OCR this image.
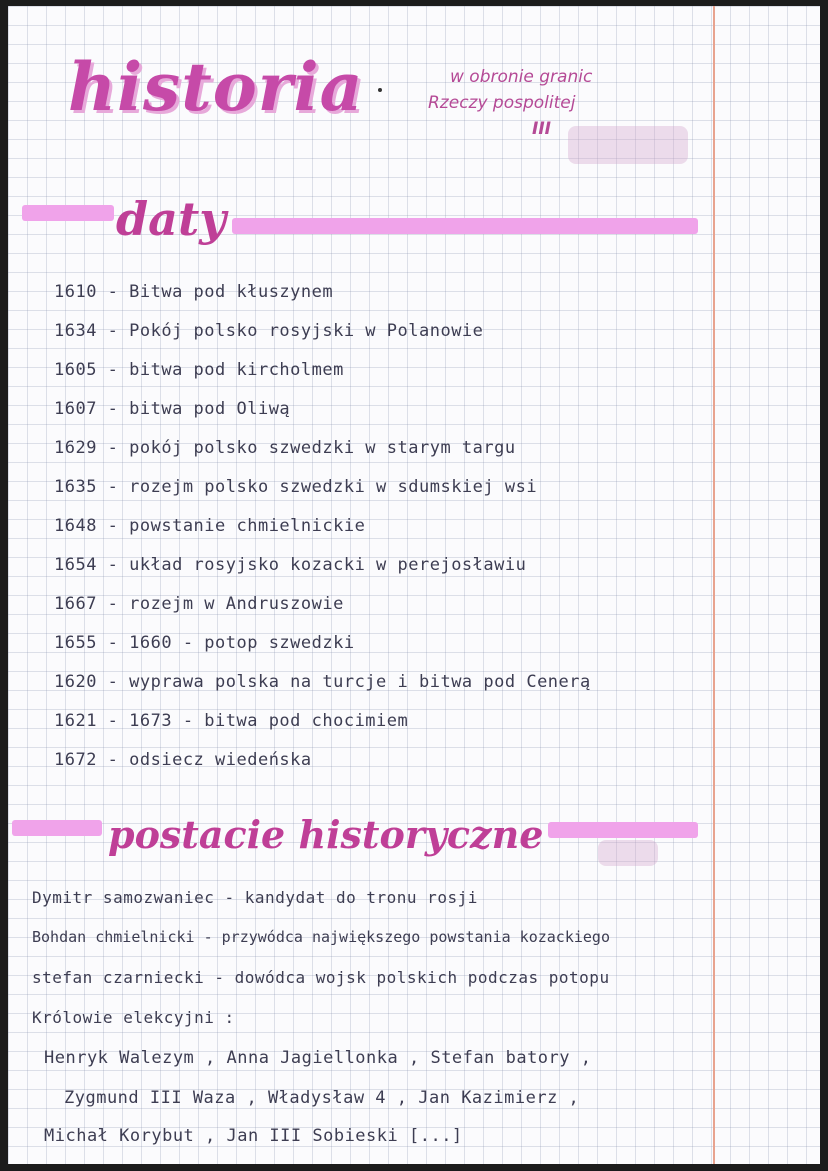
historia	w obronie granic
Rzeczy pospolitej
III
daty
1610 - Bitwa pod kłuszynem
1634 - Pokój polsko rosyjski w Polanowie
1605 - bitwa pod kircholmem
1607 - bitwa pod Oliwą
1629 - pokój polsko szwedzki w starym targu
1635 - rozejm polsko szwedzki w sdumskiej wsi
1648 - powstanie chmielnickie
1654 - układ rosyjsko kozacki w perejosławiu
1667 - rozejm w Andruszowie
1655 - 1660 - potop szwedzki
1620 - wyprawa polska na turcje i bitwa pod Cenerą
1621 - 1673 - bitwa pod chocimiem
1672 - odsiecz wiedeńska
postacie historyczne
Dymitr samozwaniec - kandydat do tronu rosji
Bohdan chmielnicki - przywódca największego powstania kozackiego
stefan czarniecki - dowódca wojsk polskich podczas potopu
Królowie elekcyjni :
Henryk Walezym , Anna Jagiellonka , Stefan batory ,
Zygmund III Waza , Władysław 4 , Jan Kazimierz ,
Michał Korybut , Jan III Sobieski [...]
